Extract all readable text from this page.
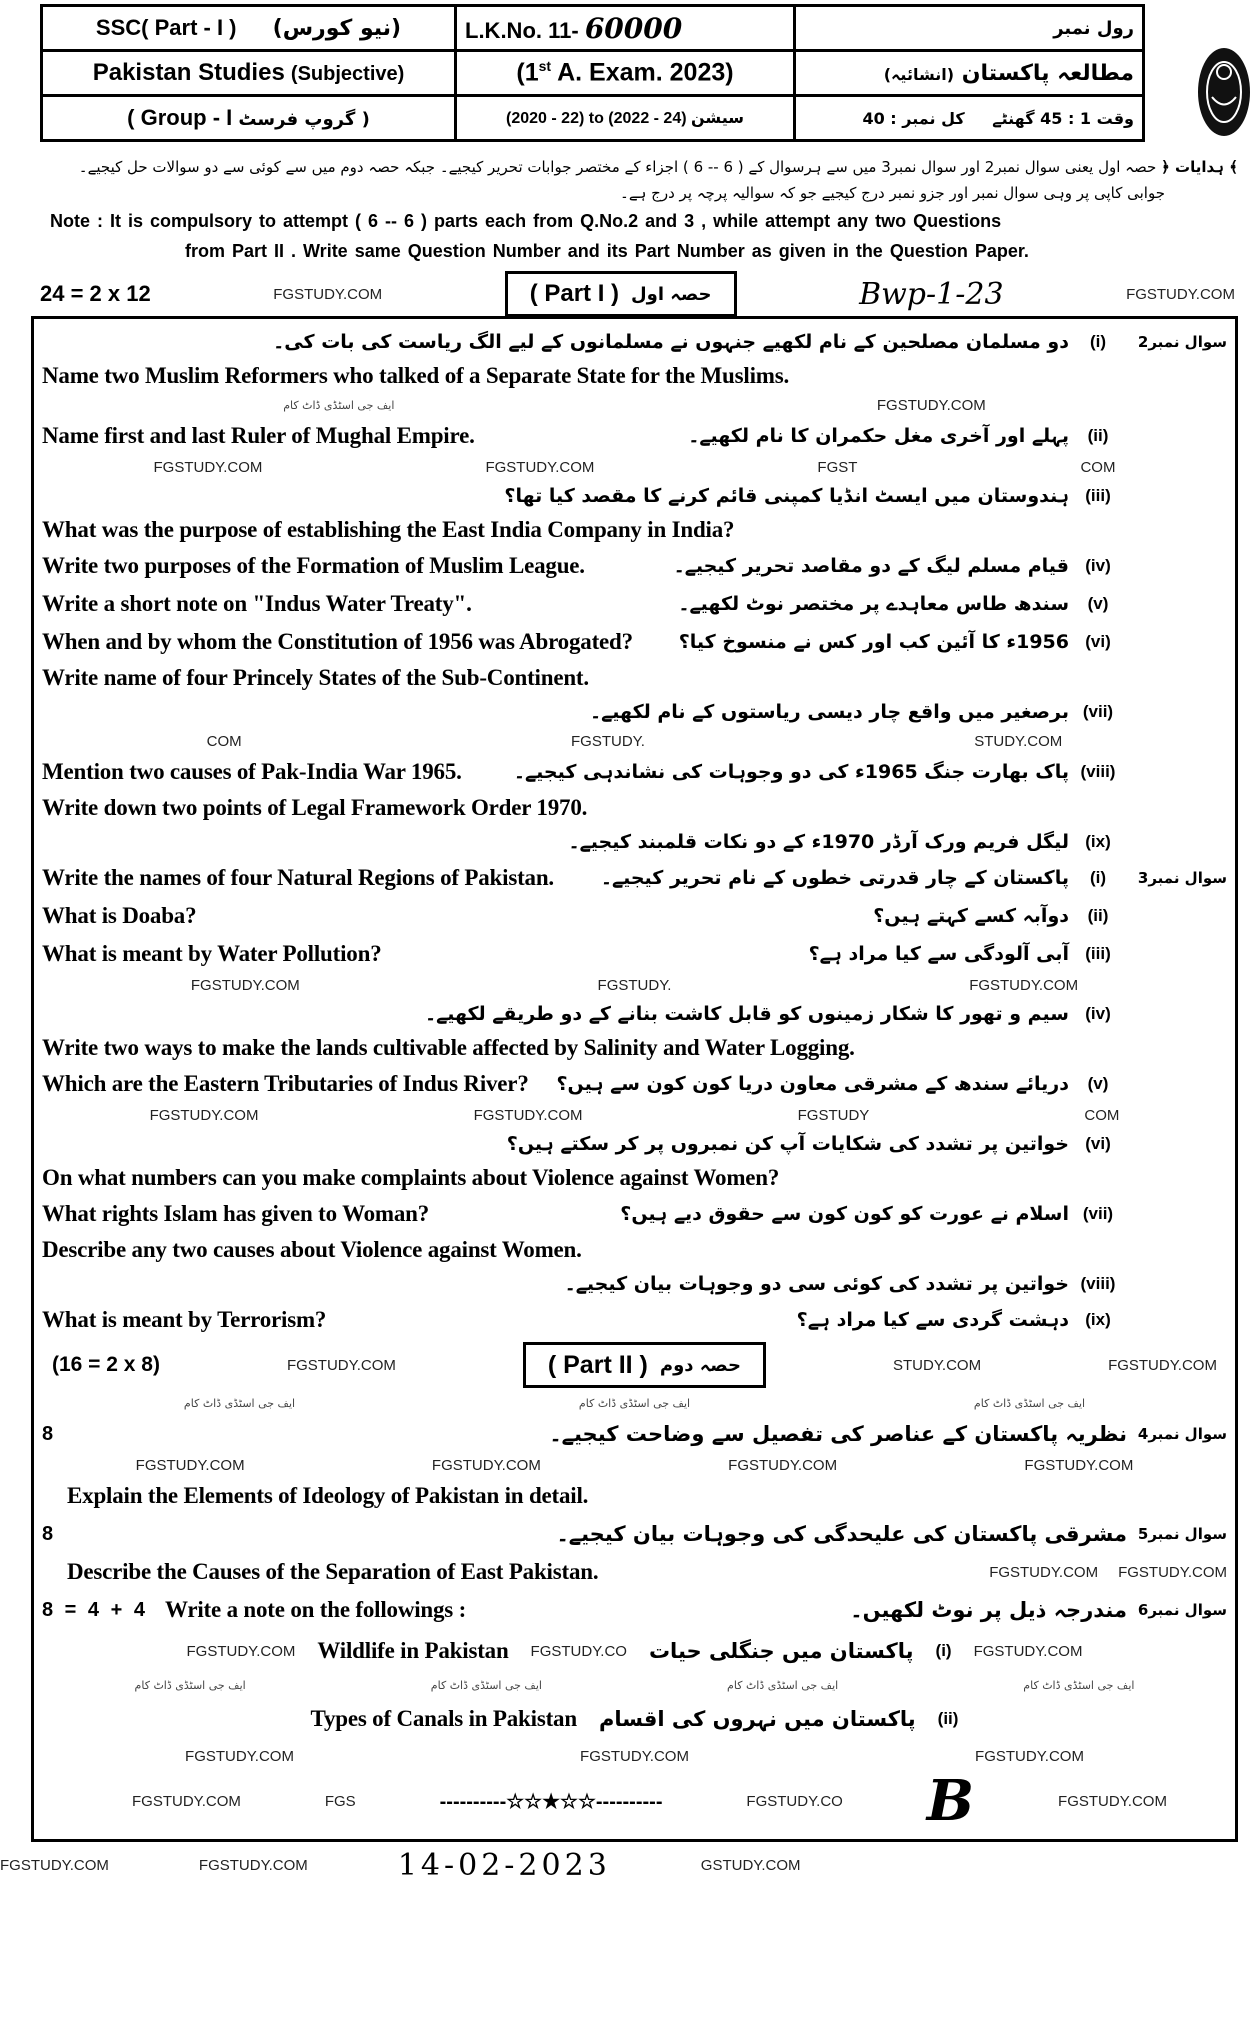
SSC( Part - I ) (نیو کورس)	L.K.No. 11- 60000	رول نمبر
Pakistan Studies (Subjective)	(1st A. Exam. 2023)	مطالعہ پاکستان (انشائیہ)
( Group - I گروپ فرسٹ )	(2020 - 22) to (2022 - 24) سیشن	وقت 1 : 45 گھنٹے کل نمبر : 40
﴾ ہدایات ﴿ حصہ اول یعنی سوال نمبر2 اور سوال نمبر3 میں سے ہرسوال کے ( 6 -- 6 ) اجزاء کے مختصر جوابات تحریر کیجیے۔ جبکہ حصہ دوم میں سے کوئی سے دو سوالات حل کیجیے۔
جوابی کاپی پر وہی سوال نمبر اور جزو نمبر درج کیجیے جو کہ سوالیہ پرچہ پر درج ہے۔
Note : It is compulsory to attempt ( 6 -- 6 ) parts each from Q.No.2 and 3 , while attempt any two Questions
from Part II . Write same Question Number and its Part Number as given in the Question Paper.
24 = 2 x 12	FGSTUDY.COM	( Part I ) حصہ اول	Bwp-1-23	FGSTUDY.COM
دو مسلمان مصلحین کے نام لکھیے جنہوں نے مسلمانوں کے لیے الگ ریاست کی بات کی۔	(i)	سوال نمبر2
Name two Muslim Reformers who talked of a Separate State for the Muslims.
ایف جی اسٹڈی ڈاٹ کام	FGSTUDY.COM
Name first and last Ruler of Mughal Empire.	پہلے اور آخری مغل حکمران کا نام لکھیے۔	(ii)
FGSTUDY.COM	FGSTUDY.COM	FGST	COM
ہندوستان میں ایسٹ انڈیا کمپنی قائم کرنے کا مقصد کیا تھا؟ (iii)
What was the purpose of establishing the East India Company in India?
Write two purposes of the Formation of Muslim League.	قیام مسلم لیگ کے دو مقاصد تحریر کیجیے۔ (iv)
Write a short note on "Indus Water Treaty".	سندھ طاس معاہدے پر مختصر نوٹ لکھیے۔	(v)
When and by whom the Constitution of 1956 was Abrogated? 1956ء کا آئین کب اور کس نے منسوخ کیا؟ (vi)
Write name of four Princely States of the Sub-Continent.
برصغیر میں واقع چار دیسی ریاستوں کے نام لکھیے۔ (vii)
COM	FGSTUDY.	STUDY.COM
Mention two causes of Pak-India War 1965.	پاک بھارت جنگ 1965ء کی دو وجوہات کی نشاندہی کیجیے۔ (viii)
Write down two points of Legal Framework Order 1970.
لیگل فریم ورک آرڈر 1970ء کے دو نکات قلمبند کیجیے۔ (ix)
Write the names of four Natural Regions of Pakistan. پاکستان کے چار قدرتی خطوں کے نام تحریر کیجیے۔	(i)	سوال نمبر3
What is Doaba?	دوآبہ کسے کہتے ہیں؟	(ii)
What is meant by Water Pollution?	آبی آلودگی سے کیا مراد ہے؟ (iii)
FGSTUDY.COM	FGSTUDY.	FGSTUDY.COM
سیم و تھور کا شکار زمینوں کو قابل کاشت بنانے کے دو طریقے لکھیے۔ (iv)
Write two ways to make the lands cultivable affected by Salinity and Water Logging.
Which are the Eastern Tributaries of Indus River? دریائے سندھ کے مشرقی معاون دریا کون کون سے ہیں؟	(v)
FGSTUDY.COM	FGSTUDY.COM	FGSTUDY	COM
خواتین پر تشدد کی شکایات آپ کن نمبروں پر کر سکتے ہیں؟ (vi)
On what numbers can you make complaints about Violence against Women?
What rights Islam has given to Woman?	اسلام نے عورت کو کون کون سے حقوق دیے ہیں؟ (vii)
Describe any two causes about Violence against Women.
خواتین پر تشدد کی کوئی سی دو وجوہات بیان کیجیے۔ (viii)
What is meant by Terrorism?	دہشت گردی سے کیا مراد ہے؟ (ix)
(16 = 2 x 8)	FGSTUDY.COM	( Part II ) حصہ دوم	STUDY.COM	FGSTUDY.COM
ایف جی اسٹڈی ڈاٹ کام	ایف جی اسٹڈی ڈاٹ کام	ایف جی اسٹڈی ڈاٹ کام
8	نظریہ پاکستان کے عناصر کی تفصیل سے وضاحت کیجیے۔ سوال نمبر4
FGSTUDY.COM	FGSTUDY.COM	FGSTUDY.COM	FGSTUDY.COM
Explain the Elements of Ideology of Pakistan in detail.
8	مشرقی پاکستان کی علیحدگی کی وجوہات بیان کیجیے۔ سوال نمبر5
Describe the Causes of the Separation of East Pakistan.	FGSTUDY.COM FGSTUDY.COM
8 = 4 + 4 Write a note on the followings :	مندرجہ ذیل پر نوٹ لکھیں۔ سوال نمبر6
FGSTUDY.COM Wildlife in Pakistan FGSTUDY.CO پاکستان میں جنگلی حیات (i) FGSTUDY.COM
ایف جی اسٹڈی ڈاٹ کام	ایف جی اسٹڈی ڈاٹ کام	ایف جی اسٹڈی ڈاٹ کام	ایف جی اسٹڈی ڈاٹ کام
Types of Canals in Pakistan پاکستان میں نہروں کی اقسام (ii)
FGSTUDY.COM	FGSTUDY.COM	FGSTUDY.COM
FGSTUDY.COM	FGS	----------☆☆★☆☆----------	FGSTUDY.CO B	FGSTUDY.COM
FGSTUDY.COM	FGSTUDY.COM	14-02-2023	GSTUDY.COM
